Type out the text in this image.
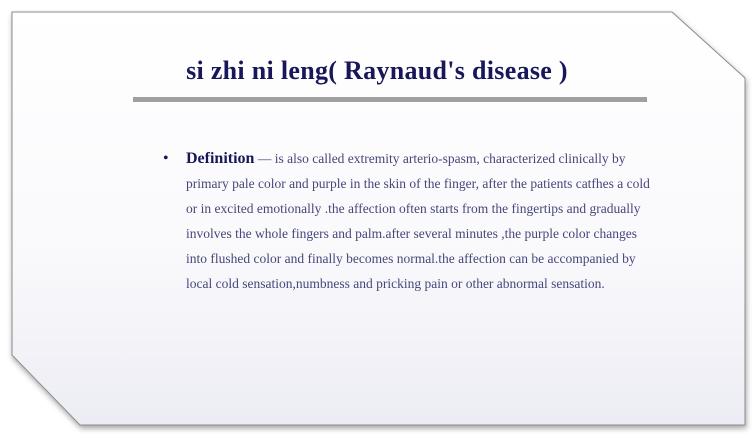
si zhi ni leng( Raynaud's disease )
• Definition — is also called extremity arterio-spasm, characterized clinically by primary pale color and purple in the skin of the finger, after the patients catfhes a cold or in excited emotionally .the affection often starts from the fingertips and gradually involves the whole fingers and palm.after several minutes ,the purple color changes into flushed color and finally becomes normal.the affection can be accompanied by local cold sensation,numbness and pricking pain or other abnormal sensation.
